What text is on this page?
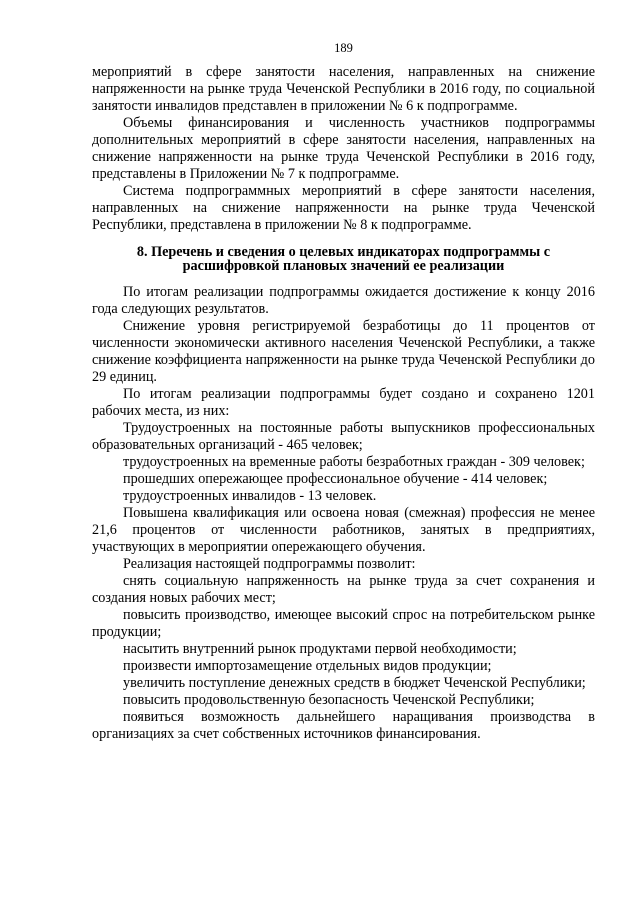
189

мероприятий в сфере занятости населения, направленных на снижение напряженности на рынке труда Чеченской Республики в 2016 году, по социальной занятости инвалидов представлен в приложении № 6 к подпрограмме.

Объемы финансирования и численность участников подпрограммы дополнительных мероприятий в сфере занятости населения, направленных на снижение напряженности на рынке труда Чеченской Республики в 2016 году, представлены в Приложении № 7 к подпрограмме.

Система подпрограммных мероприятий в сфере занятости населения, направленных на снижение напряженности на рынке труда Чеченской Республики, представлена в приложении № 8 к подпрограмме.

8. Перечень и сведения о целевых индикаторах подпрограммы с
расшифровкой плановых значений ее реализации

По итогам реализации подпрограммы ожидается достижение к концу 2016 года следующих результатов.

Снижение уровня регистрируемой безработицы до 11 процентов от численности экономически активного населения Чеченской Республики, а также снижение коэффициента напряженности на рынке труда Чеченской Республики до 29 единиц.

По итогам реализации подпрограммы будет создано и сохранено 1201 рабочих места, из них:

Трудоустроенных на постоянные работы выпускников профессиональных образовательных организаций - 465 человек;

трудоустроенных на временные работы безработных граждан - 309 человек;

прошедших опережающее профессиональное обучение - 414 человек;

трудоустроенных инвалидов - 13 человек.

Повышена квалификация или освоена новая (смежная) профессия не менее 21,6 процентов от численности работников, занятых в предприятиях, участвующих в мероприятии опережающего обучения.

Реализация настоящей подпрограммы позволит:

снять социальную напряженность на рынке труда за счет сохранения и создания новых рабочих мест;

повысить производство, имеющее высокий спрос на потребительском рынке продукции;

насытить внутренний рынок продуктами первой необходимости;

произвести импортозамещение отдельных видов продукции;

увеличить поступление денежных средств в бюджет Чеченской Республики;

повысить продовольственную безопасность Чеченской Республики;

появиться возможность дальнейшего наращивания производства в организациях за счет собственных источников финансирования.
